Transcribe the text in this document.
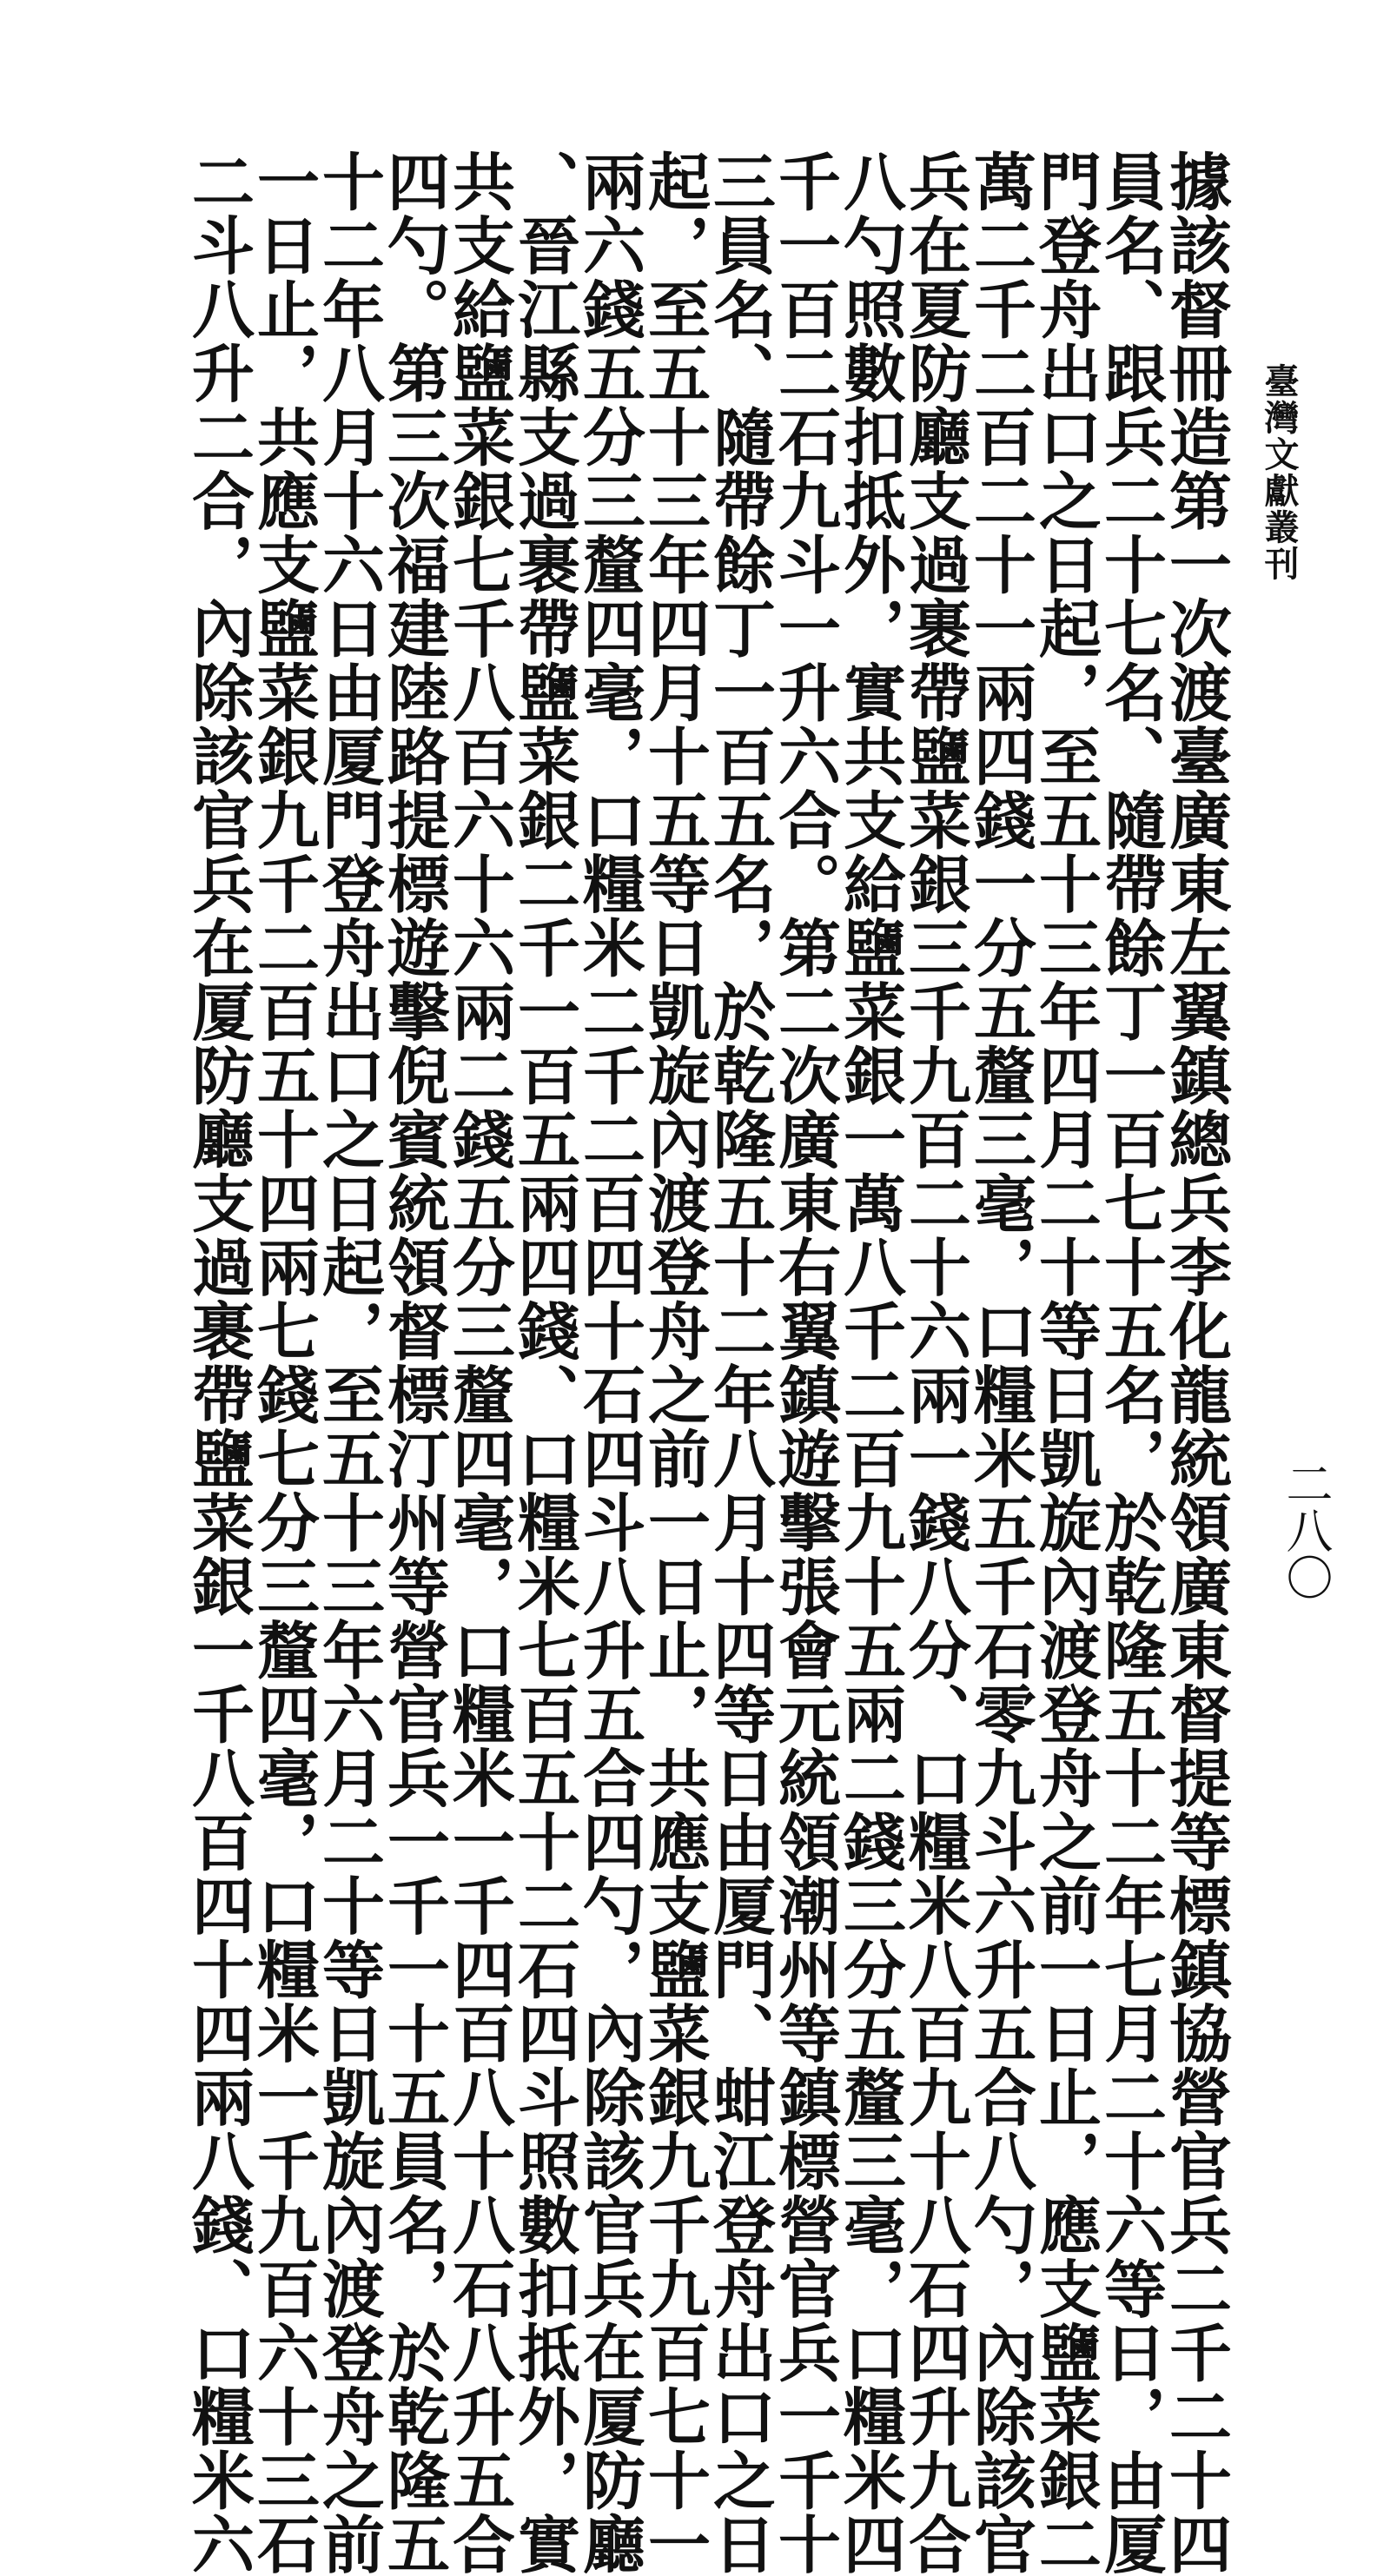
臺灣文獻叢刊
二八〇
據該督冊造第一次渡臺廣東左翼鎮總兵李化龍統領廣東督提等標鎮協營官兵二千二十四
員名、跟兵二十七名、隨帶餘丁一百七十五名，於乾隆五十二年七月二十六等日，由厦
門登舟出口之日起，至五十三年四月二十等日凱旋內渡登舟之前一日止，應支鹽菜銀二
萬二千二百二十一兩四錢一分五釐三毫，口糧米五千石零九斗六升五合八勺，內除該官
兵在夏防廳支過裹帶鹽菜銀三千九百二十六兩一錢八分、口糧米八百九十八石四升九合
八勺照數扣抵外，實共支給鹽菜銀一萬八千二百九十五兩二錢三分五釐三毫，口糧米四
千一百二石九斗一升六合。第二次廣東右翼鎮遊擊張會元統領潮州等鎮標營官兵一千十
三員名、隨帶餘丁一百五名，於乾隆五十二年八月十四等日由厦門、蚶江登舟出口之日
起，至五十三年四月十五等日凱旋內渡登舟之前一日止，共應支鹽菜銀九千九百七十一
兩六錢五分三釐四毫，口糧米二千二百四十石四斗八升五合四勺，內除該官兵在厦防廳
、晉江縣支過裹帶鹽菜銀二千一百五兩四錢、口糧米七百五十二石四斗照數扣抵外，實
共支給鹽菜銀七千八百六十六兩二錢五分三釐四毫，口糧米一千四百八十八石八升五合
四勺。第三次福建陸路提標遊擊倪賓統領督標汀州等營官兵一千一十五員名，於乾隆五
十二年八月十六日由厦門登舟出口之日起，至五十三年六月二十等日凱旋內渡登舟之前
一日止，共應支鹽菜銀九千二百五十四兩七錢七分三釐四毫，口糧米一千九百六十三石
二斗八升二合，內除該官兵在厦防廳支過裹帶鹽菜銀一千八百四十四兩八錢、口糧米六
